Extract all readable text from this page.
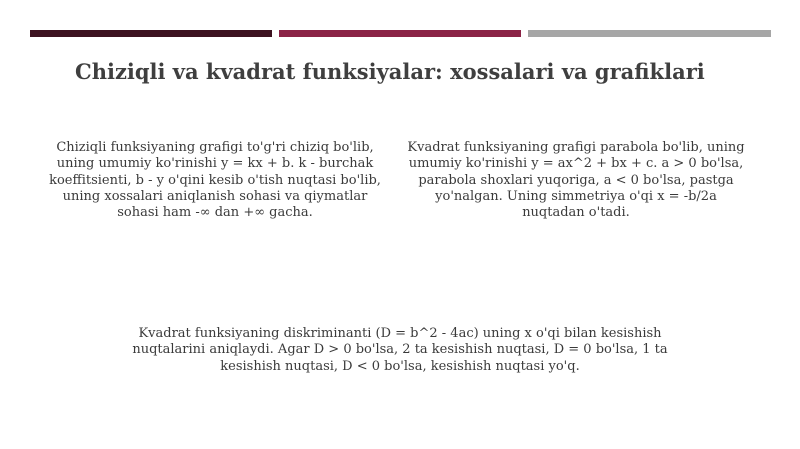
Chiziqli va kvadrat funksiyalar: xossalari va grafiklari
Chiziqli funksiyaning grafigi to'g'ri chiziq bo'lib, uning umumiy ko'rinishi y = kx + b. k - burchak koeffitsienti, b - y o'qini kesib o'tish nuqtasi bo'lib, uning xossalari aniqlanish sohasi va qiymatlar sohasi ham -∞ dan +∞ gacha.
Kvadrat funksiyaning grafigi parabola bo'lib, uning umumiy ko'rinishi y = ax^2 + bx + c. a > 0 bo'lsa, parabola shoxlari yuqoriga, a < 0 bo'lsa, pastga yo'nalgan. Uning simmetriya o'qi x = -b/2a nuqtadan o'tadi.
Kvadrat funksiyaning diskriminanti (D = b^2 - 4ac) uning x o'qi bilan kesishish nuqtalarini aniqlaydi. Agar D > 0 bo'lsa, 2 ta kesishish nuqtasi, D = 0 bo'lsa, 1 ta kesishish nuqtasi, D < 0 bo'lsa, kesishish nuqtasi yo'q.
